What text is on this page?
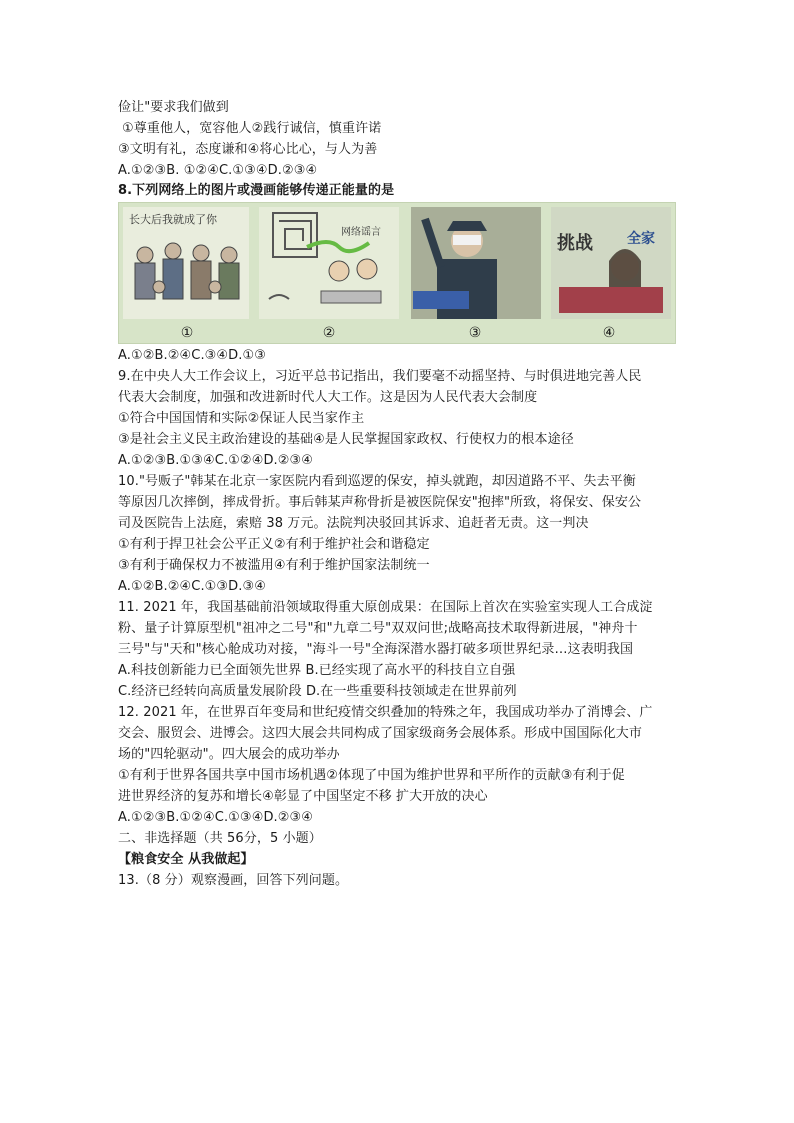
俭让"要求我们做到
①尊重他人，宽容他人②践行诚信，慎重许诺
③文明有礼，态度谦和④将心比心，与人为善
A.①②③B. ①②④C.①③④D.②③④
8.下列网络上的图片或漫画能够传递正能量的是
长大后我就成了你
①
网络谣言
②	③
挑战 全家
④
A.①②B.②④C.③④D.①③
9.在中央人大工作会议上，习近平总书记指出，我们要毫不动摇坚持、与时俱进地完善人民
代表大会制度，加强和改进新时代人大工作。这是因为人民代表大会制度
①符合中国国情和实际②保证人民当家作主
③是社会主义民主政治建设的基础④是人民掌握国家政权、行使权力的根本途径
A.①②③B.①③④C.①②④D.②③④
10."号贩子"韩某在北京一家医院内看到巡逻的保安，掉头就跑，却因道路不平、失去平衡
等原因几次摔倒，摔成骨折。事后韩某声称骨折是被医院保安"抱摔"所致，将保安、保安公
司及医院告上法庭，索赔 38 万元。法院判决驳回其诉求、追赶者无责。这一判决
①有利于捍卫社会公平正义②有利于维护社会和谐稳定
③有利于确保权力不被滥用④有利于维护国家法制统一
A.①②B.②④C.①③D.③④
11. 2021 年，我国基础前沿领域取得重大原创成果：在国际上首次在实验室实现人工合成淀
粉、量子计算原型机"祖冲之二号"和"九章二号"双双问世;战略高技术取得新进展，"神舟十
三号"与"天和"核心舱成功对接，"海斗一号"全海深潜水器打破多项世界纪录…这表明我国
A.科技创新能力已全面领先世界 B.已经实现了高水平的科技自立自强
C.经济已经转向高质量发展阶段 D.在一些重要科技领域走在世界前列
12. 2021 年，在世界百年变局和世纪疫情交织叠加的特殊之年，我国成功举办了消博会、广
交会、服贸会、进博会。这四大展会共同构成了国家级商务会展体系。形成中国国际化大市
场的"四轮驱动"。四大展会的成功举办
①有利于世界各国共享中国市场机遇②体现了中国为维护世界和平所作的贡献③有利于促
进世界经济的复苏和增长④彰显了中国坚定不移 扩大开放的决心
A.①②③B.①②④C.①③④D.②③④
二、非选择题（共 56分，5 小题）
【粮食安全 从我做起】
13.（8 分）观察漫画，回答下列问题。
